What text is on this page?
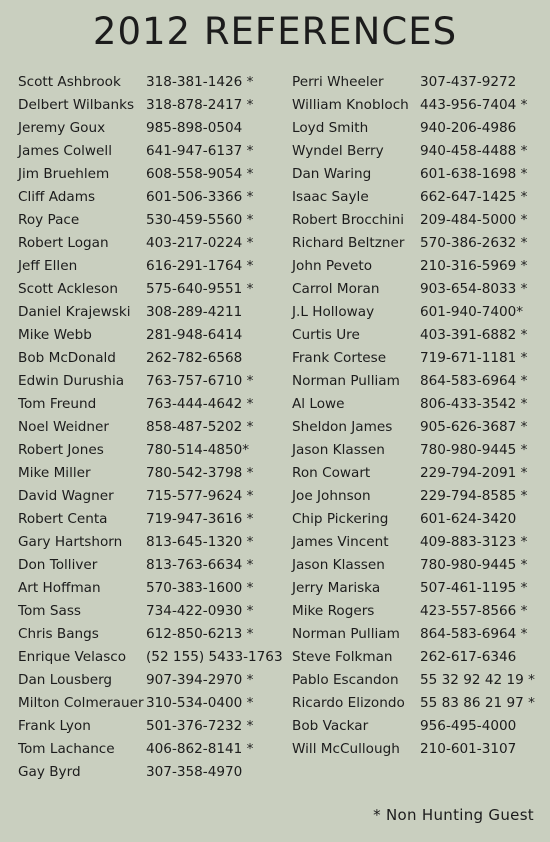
2012 REFERENCES
Scott Ashbrook 318-381-1426 *
Delbert Wilbanks 318-878-2417 *
Jeremy Goux	985-898-0504
James Colwell	641-947-6137 *
Jim Bruehlem	608-558-9054 *
Cliff Adams	601-506-3366 *
Roy Pace	530-459-5560 *
Robert Logan	403-217-0224 *
Jeff Ellen	616-291-1764 *
Scott Ackleson 575-640-9551 *
Daniel Krajewski 308-289-4211
Mike Webb	281-948-6414
Bob McDonald 262-782-6568
Edwin Durushia 763-757-6710 *
Tom Freund	763-444-4642 *
Noel Weidner	858-487-5202 *
Robert Jones	780-514-4850*
Mike Miller	780-542-3798 *
David Wagner 715-577-9624 *
Robert Centa	719-947-3616 *
Gary Hartshorn 813-645-1320 *
Don Tolliver	813-763-6634 *
Art Hoffman	570-383-1600 *
Tom Sass	734-422-0930 *
Chris Bangs	612-850-6213 *
Enrique Velasco (52 155) 5433-1763
Dan Lousberg 907-394-2970 *
Milton Colmerauer 310-534-0400 *
Frank Lyon	501-376-7232 *
Tom Lachance 406-862-8141 *
Gay Byrd	307-358-4970
Perri Wheeler	307-437-9272
William Knobloch 443-956-7404 *
Loyd Smith	940-206-4986
Wyndel Berry	940-458-4488 *
Dan Waring	601-638-1698 *
Isaac Sayle	662-647-1425 *
Robert Brocchini 209-484-5000 *
Richard Beltzner 570-386-2632 *
John Peveto	210-316-5969 *
Carrol Moran	903-654-8033 *
J.L Holloway	601-940-7400*
Curtis Ure	403-391-6882 *
Frank Cortese 719-671-1181 *
Norman Pulliam 864-583-6964 *
Al Lowe	806-433-3542 *
Sheldon James 905-626-3687 *
Jason Klassen	780-980-9445 *
Ron Cowart	229-794-2091 *
Joe Johnson	229-794-8585 *
Chip Pickering 601-624-3420
James Vincent 409-883-3123 *
Jason Klassen	780-980-9445 *
Jerry Mariska	507-461-1195 *
Mike Rogers	423-557-8566 *
Norman Pulliam 864-583-6964 *
Steve Folkman 262-617-6346
Pablo Escandon 55 32 92 42 19 *
Ricardo Elizondo 55 83 86 21 97 *
Bob Vackar	956-495-4000
Will McCullough 210-601-3107
* Non Hunting Guest
